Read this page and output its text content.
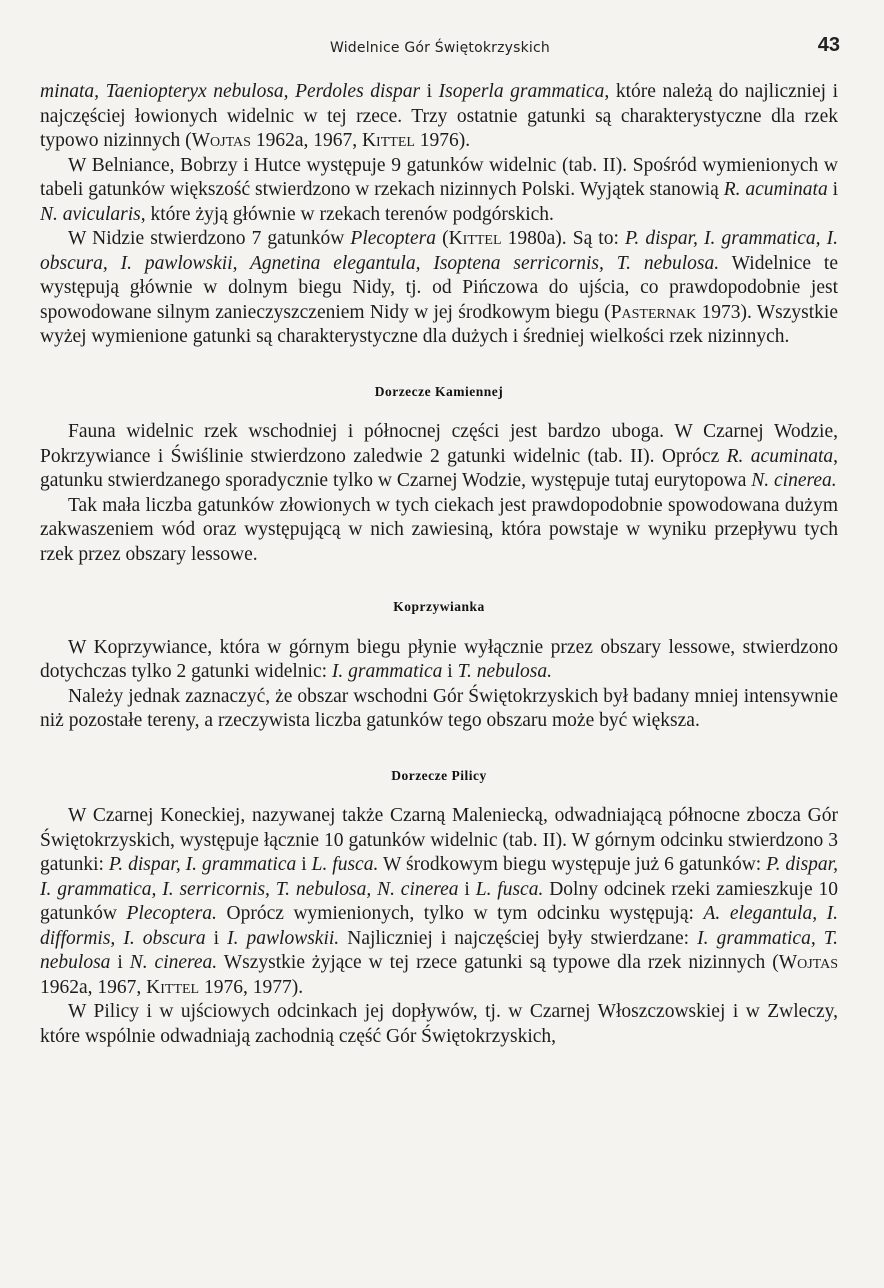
Widelnice Gór Świętokrzyskich	43

minata, Taeniopteryx nebulosa, Perdoles dispar i Isoperla grammatica, które należą do najliczniej i najczęściej łowionych widelnic w tej rzece. Trzy ostatnie gatunki są charakterystyczne dla rzek typowo nizinnych (Wojtas 1962a, 1967, Kittel 1976).

W Belniance, Bobrzy i Hutce występuje 9 gatunków widelnic (tab. II). Spośród wymienionych w tabeli gatunków większość stwierdzono w rzekach nizinnych Polski. Wyjątek stanowią R. acuminata i N. avicularis, które żyją głównie w rzekach terenów podgórskich.

W Nidzie stwierdzono 7 gatunków Plecoptera (Kittel 1980a). Są to: P. dispar, I. grammatica, I. obscura, I. pawlowskii, Agnetina elegantula, Isoptena serricornis, T. nebulosa. Widelnice te występują głównie w dolnym biegu Nidy, tj. od Pińczowa do ujścia, co prawdopodobnie jest spowodowane silnym zanieczyszczeniem Nidy w jej środkowym biegu (Pasternak 1973). Wszystkie wyżej wymienione gatunki są charakterystyczne dla dużych i średniej wielkości rzek nizinnych.

Dorzecze Kamiennej

Fauna widelnic rzek wschodniej i północnej części jest bardzo uboga. W Czarnej Wodzie, Pokrzywiance i Świślinie stwierdzono zaledwie 2 gatunki widelnic (tab. II). Oprócz R. acuminata, gatunku stwierdzanego sporadycznie tylko w Czarnej Wodzie, występuje tutaj eurytopowa N. cinerea.

Tak mała liczba gatunków złowionych w tych ciekach jest prawdopodobnie spowodowana dużym zakwaszeniem wód oraz występującą w nich zawiesiną, która powstaje w wyniku przepływu tych rzek przez obszary lessowe.

Koprzywianka

W Koprzywiance, która w górnym biegu płynie wyłącznie przez obszary lessowe, stwierdzono dotychczas tylko 2 gatunki widelnic: I. grammatica i T. nebulosa.

Należy jednak zaznaczyć, że obszar wschodni Gór Świętokrzyskich był badany mniej intensywnie niż pozostałe tereny, a rzeczywista liczba gatunków tego obszaru może być większa.

Dorzecze Pilicy

W Czarnej Koneckiej, nazywanej także Czarną Maleniecką, odwadniającą północne zbocza Gór Świętokrzyskich, występuje łącznie 10 gatunków widelnic (tab. II). W górnym odcinku stwierdzono 3 gatunki: P. dispar, I. grammatica i L. fusca. W środkowym biegu występuje już 6 gatunków: P. dispar, I. grammatica, I. serricornis, T. nebulosa, N. cinerea i L. fusca. Dolny odcinek rzeki zamieszkuje 10 gatunków Plecoptera. Oprócz wymienionych, tylko w tym odcinku występują: A. elegantula, I. difformis, I. obscura i I. pawlowskii. Najliczniej i najczęściej były stwierdzane: I. grammatica, T. nebulosa i N. cinerea. Wszystkie żyjące w tej rzece gatunki są typowe dla rzek nizinnych (Wojtas 1962a, 1967, Kittel 1976, 1977).

W Pilicy i w ujściowych odcinkach jej dopływów, tj. w Czarnej Włoszczowskiej i w Zwleczy, które wspólnie odwadniają zachodnią część Gór Świętokrzyskich,
